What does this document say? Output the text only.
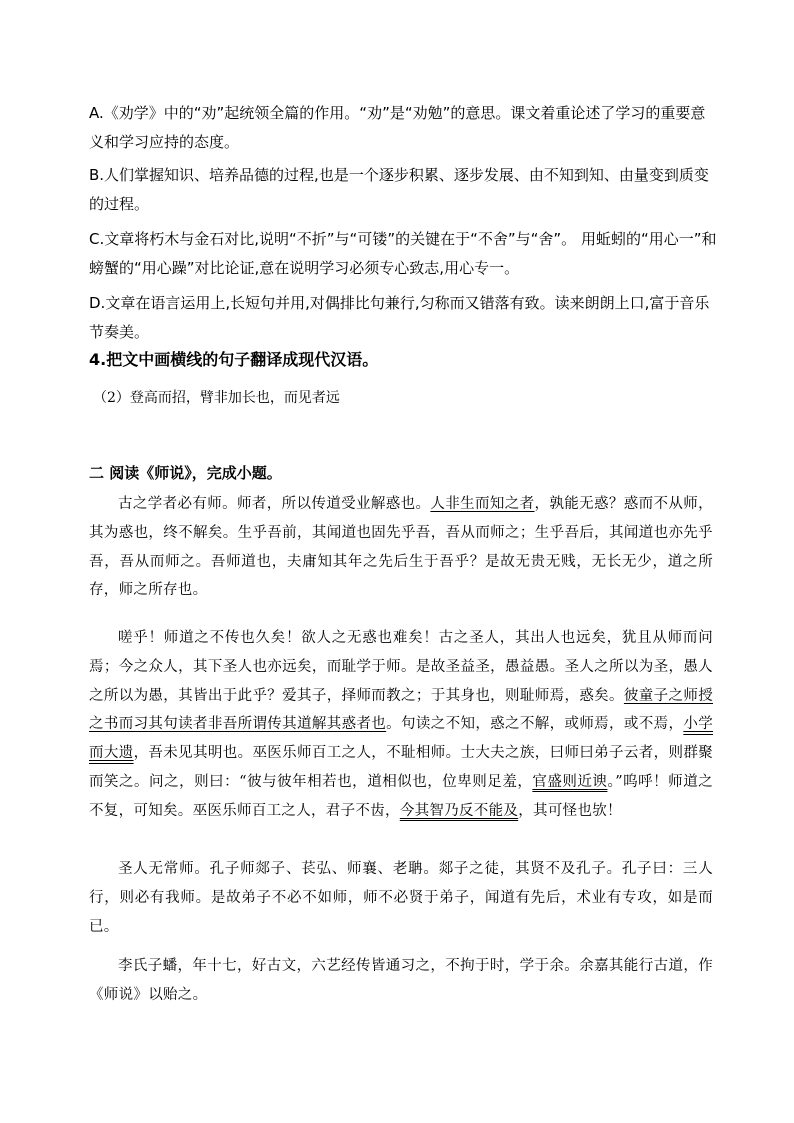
A.《劝学》中的“劝”起统领全篇的作用。“劝”是“劝勉”的意思。课文着重论述了学习的重要意义和学习应持的态度。

B.人们掌握知识、培养品德的过程,也是一个逐步积累、逐步发展、由不知到知、由量变到质变的过程。

C.文章将朽木与金石对比,说明“不折”与“可镂”的关键在于“不舍”与“舍”。 用蚯蚓的“用心一”和螃蟹的“用心躁”对比论证,意在说明学习必须专心致志,用心专一。

D.文章在语言运用上,长短句并用,对偶排比句兼行,匀称而又错落有致。读来朗朗上口,富于音乐节奏美。

4.把文中画横线的句子翻译成现代汉语。

（2）登高而招，臂非加长也，而见者远

二 阅读《师说》，完成小题。

古之学者必有师。师者，所以传道受业解惑也。人非生而知之者，孰能无惑？惑而不从师，其为惑也，终不解矣。生乎吾前，其闻道也固先乎吾，吾从而师之；生乎吾后，其闻道也亦先乎吾，吾从而师之。吾师道也，夫庸知其年之先后生于吾乎？是故无贵无贱，无长无少，道之所存，师之所存也。

嗟乎！师道之不传也久矣！欲人之无惑也难矣！古之圣人，其出人也远矣，犹且从师而问焉；今之众人，其下圣人也亦远矣，而耻学于师。是故圣益圣，愚益愚。圣人之所以为圣，愚人之所以为愚，其皆出于此乎？爱其子，择师而教之；于其身也，则耻师焉，惑矣。彼童子之师授之书而习其句读者非吾所谓传其道解其惑者也。句读之不知，惑之不解，或师焉，或不焉，小学而大遗，吾未见其明也。巫医乐师百工之人，不耻相师。士大夫之族，曰师曰弟子云者，则群聚而笑之。问之，则曰：“彼与彼年相若也，道相似也，位卑则足羞，官盛则近谀。”呜呼！师道之不复，可知矣。巫医乐师百工之人，君子不齿，今其智乃反不能及，其可怪也欤！

圣人无常师。孔子师郯子、苌弘、师襄、老聃。郯子之徒，其贤不及孔子。孔子曰：三人行，则必有我师。是故弟子不必不如师，师不必贤于弟子，闻道有先后，术业有专攻，如是而已。

李氏子蟠，年十七，好古文，六艺经传皆通习之，不拘于时，学于余。余嘉其能行古道，作《师说》以贻之。
